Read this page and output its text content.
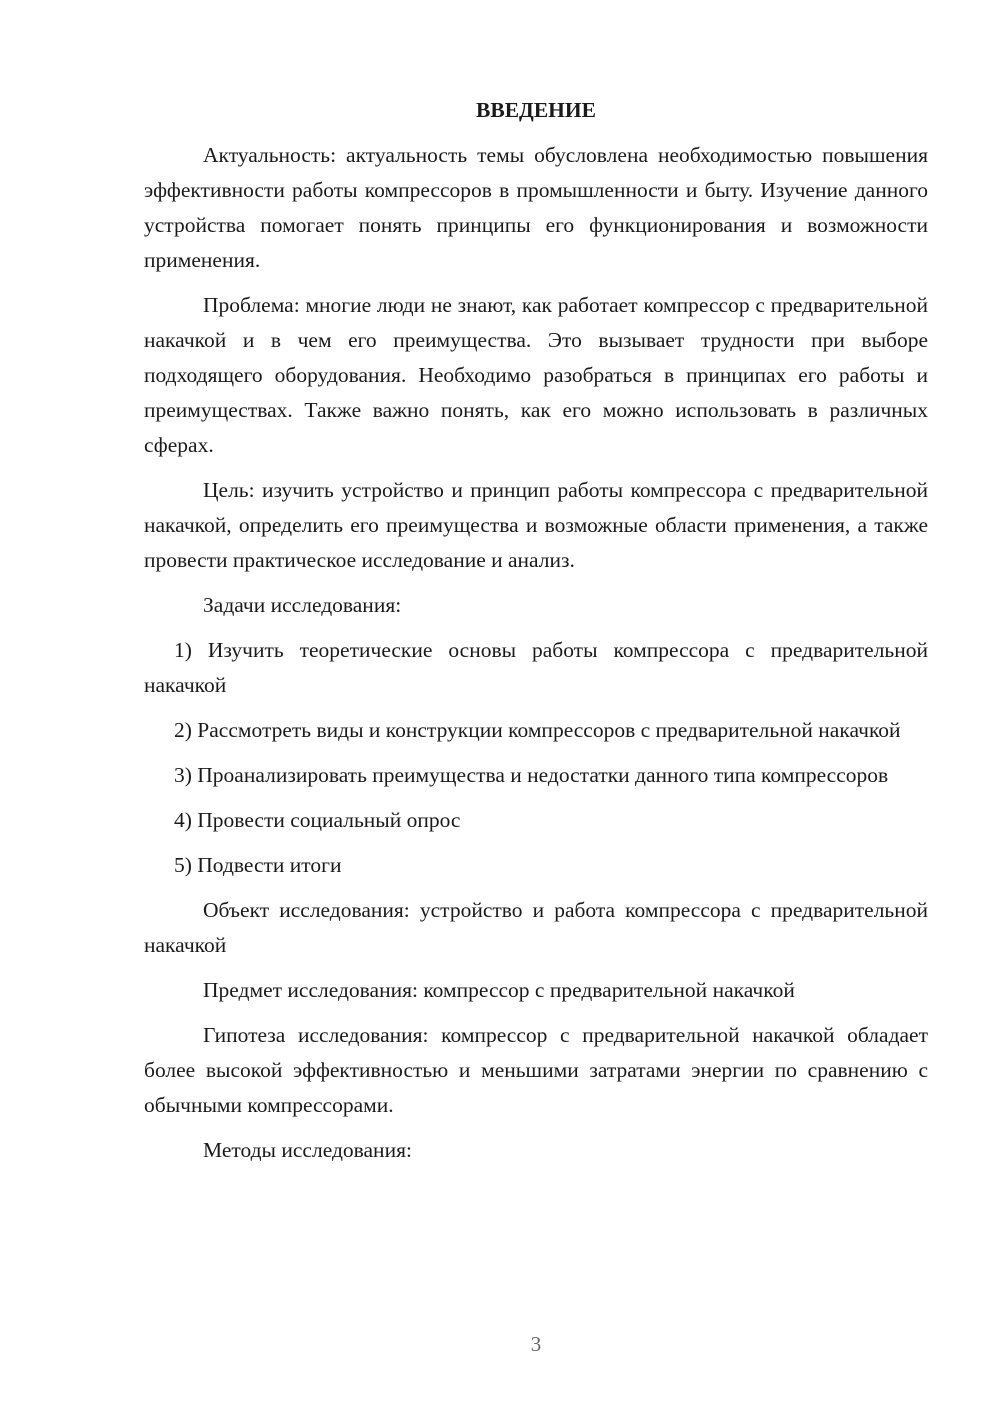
ВВЕДЕНИЕ

Актуальность: актуальность темы обусловлена необходимостью повышения эффективности работы компрессоров в промышленности и быту. Изучение данного устройства помогает понять принципы его функционирования и возможности применения.

Проблема: многие люди не знают, как работает компрессор с предварительной накачкой и в чем его преимущества. Это вызывает трудности при выборе подходящего оборудования. Необходимо разобраться в принципах его работы и преимуществах. Также важно понять, как его можно использовать в различных сферах.

Цель: изучить устройство и принцип работы компрессора с предварительной накачкой, определить его преимущества и возможные области применения, а также провести практическое исследование и анализ.

Задачи исследования:

1) Изучить теоретические основы работы компрессора с предварительной накачкой

2) Рассмотреть виды и конструкции компрессоров с предварительной накачкой

3) Проанализировать преимущества и недостатки данного типа компрессоров

4) Провести социальный опрос

5) Подвести итоги

Объект исследования: устройство и работа компрессора с предварительной накачкой

Предмет исследования: компрессор с предварительной накачкой

Гипотеза исследования: компрессор с предварительной накачкой обладает более высокой эффективностью и меньшими затратами энергии по сравнению с обычными компрессорами.

Методы исследования:

3
